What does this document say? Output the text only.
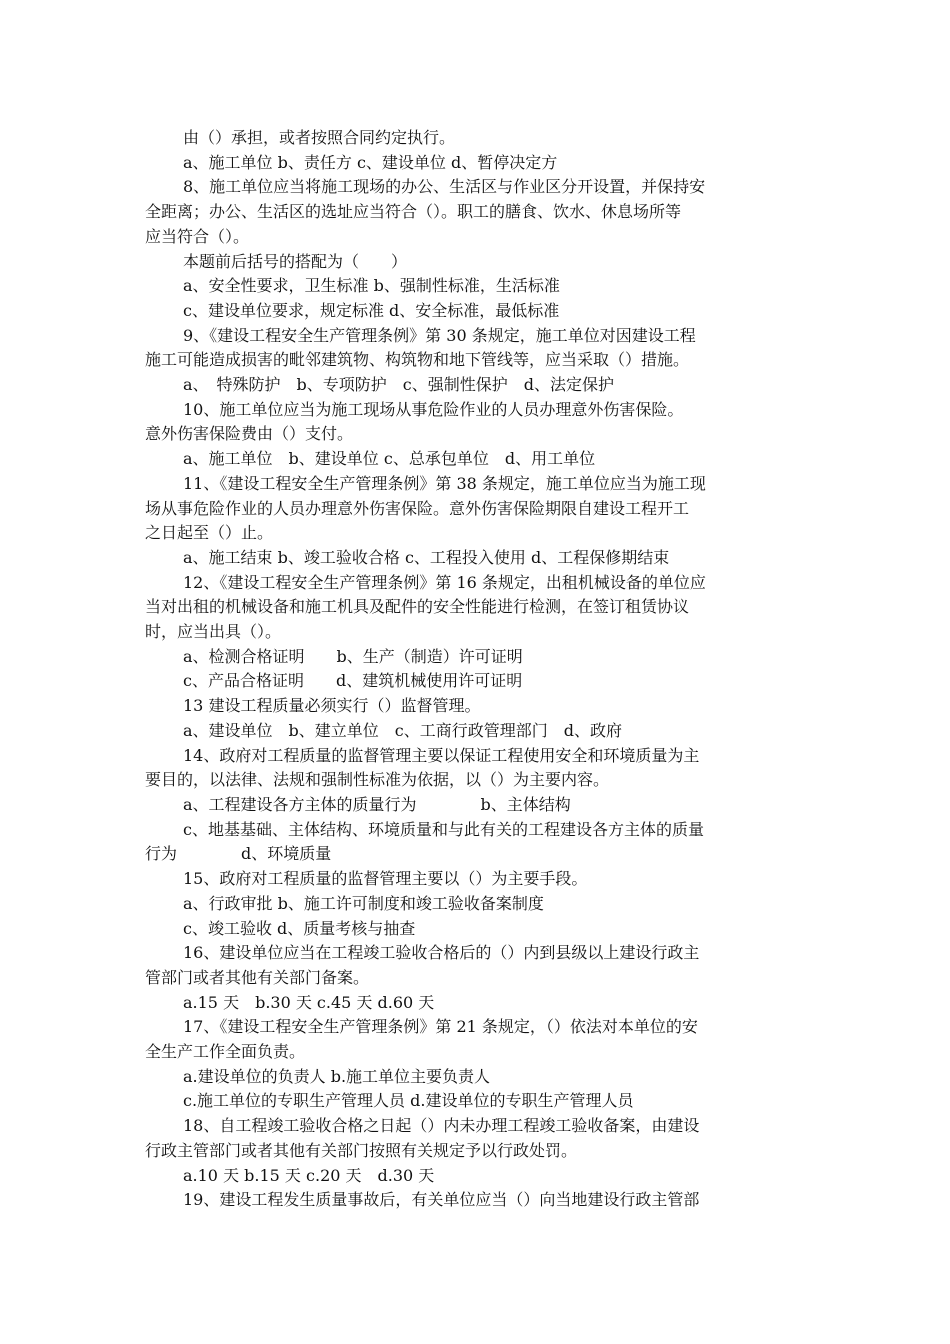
由（）承担，或者按照合同约定执行。

a、施工单位 b、责任方 c、建设单位 d、暂停决定方

8、施工单位应当将施工现场的办公、生活区与作业区分开设置，并保持安

全距离；办公、生活区的选址应当符合（）。职工的膳食、饮水、休息场所等

应当符合（）。

本题前后括号的搭配为（　　）

a、安全性要求，卫生标准 b、强制性标准，生活标准

c、建设单位要求，规定标准 d、安全标准，最低标准

9、《建设工程安全生产管理条例》第 30 条规定，施工单位对因建设工程

施工可能造成损害的毗邻建筑物、构筑物和地下管线等，应当采取（）措施。

a、　特殊防护　b、专项防护　c、强制性保护　d、法定保护

10、施工单位应当为施工现场从事危险作业的人员办理意外伤害保险。

意外伤害保险费由（）支付。

a、施工单位　b、建设单位 c、总承包单位　d、用工单位

11、《建设工程安全生产管理条例》第 38 条规定，施工单位应当为施工现

场从事危险作业的人员办理意外伤害保险。意外伤害保险期限自建设工程开工

之日起至（）止。

a、施工结束 b、竣工验收合格 c、工程投入使用 d、工程保修期结束

12、《建设工程安全生产管理条例》第 16 条规定，出租机械设备的单位应

当对出租的机械设备和施工机具及配件的安全性能进行检测，在签订租赁协议

时，应当出具（）。

a、检测合格证明　　b、生产（制造）许可证明

c、产品合格证明　　d、建筑机械使用许可证明

13 建设工程质量必须实行（）监督管理。

a、建设单位　b、建立单位　c、工商行政管理部门　d、政府

14、政府对工程质量的监督管理主要以保证工程使用安全和环境质量为主

要目的，以法律、法规和强制性标准为依据，以（）为主要内容。

a、工程建设各方主体的质量行为　　　　b、主体结构

c、地基基础、主体结构、环境质量和与此有关的工程建设各方主体的质量

行为　　　　d、环境质量

15、政府对工程质量的监督管理主要以（）为主要手段。

a、行政审批 b、施工许可制度和竣工验收备案制度

c、竣工验收 d、质量考核与抽查

16、建设单位应当在工程竣工验收合格后的（）内到县级以上建设行政主

管部门或者其他有关部门备案。

a.15 天　b.30 天 c.45 天 d.60 天

17、《建设工程安全生产管理条例》第 21 条规定，（）依法对本单位的安

全生产工作全面负责。

a.建设单位的负责人 b.施工单位主要负责人

c.施工单位的专职生产管理人员 d.建设单位的专职生产管理人员

18、自工程竣工验收合格之日起（）内未办理工程竣工验收备案，由建设

行政主管部门或者其他有关部门按照有关规定予以行政处罚。

a.10 天 b.15 天 c.20 天　d.30 天

19、建设工程发生质量事故后，有关单位应当（）向当地建设行政主管部
